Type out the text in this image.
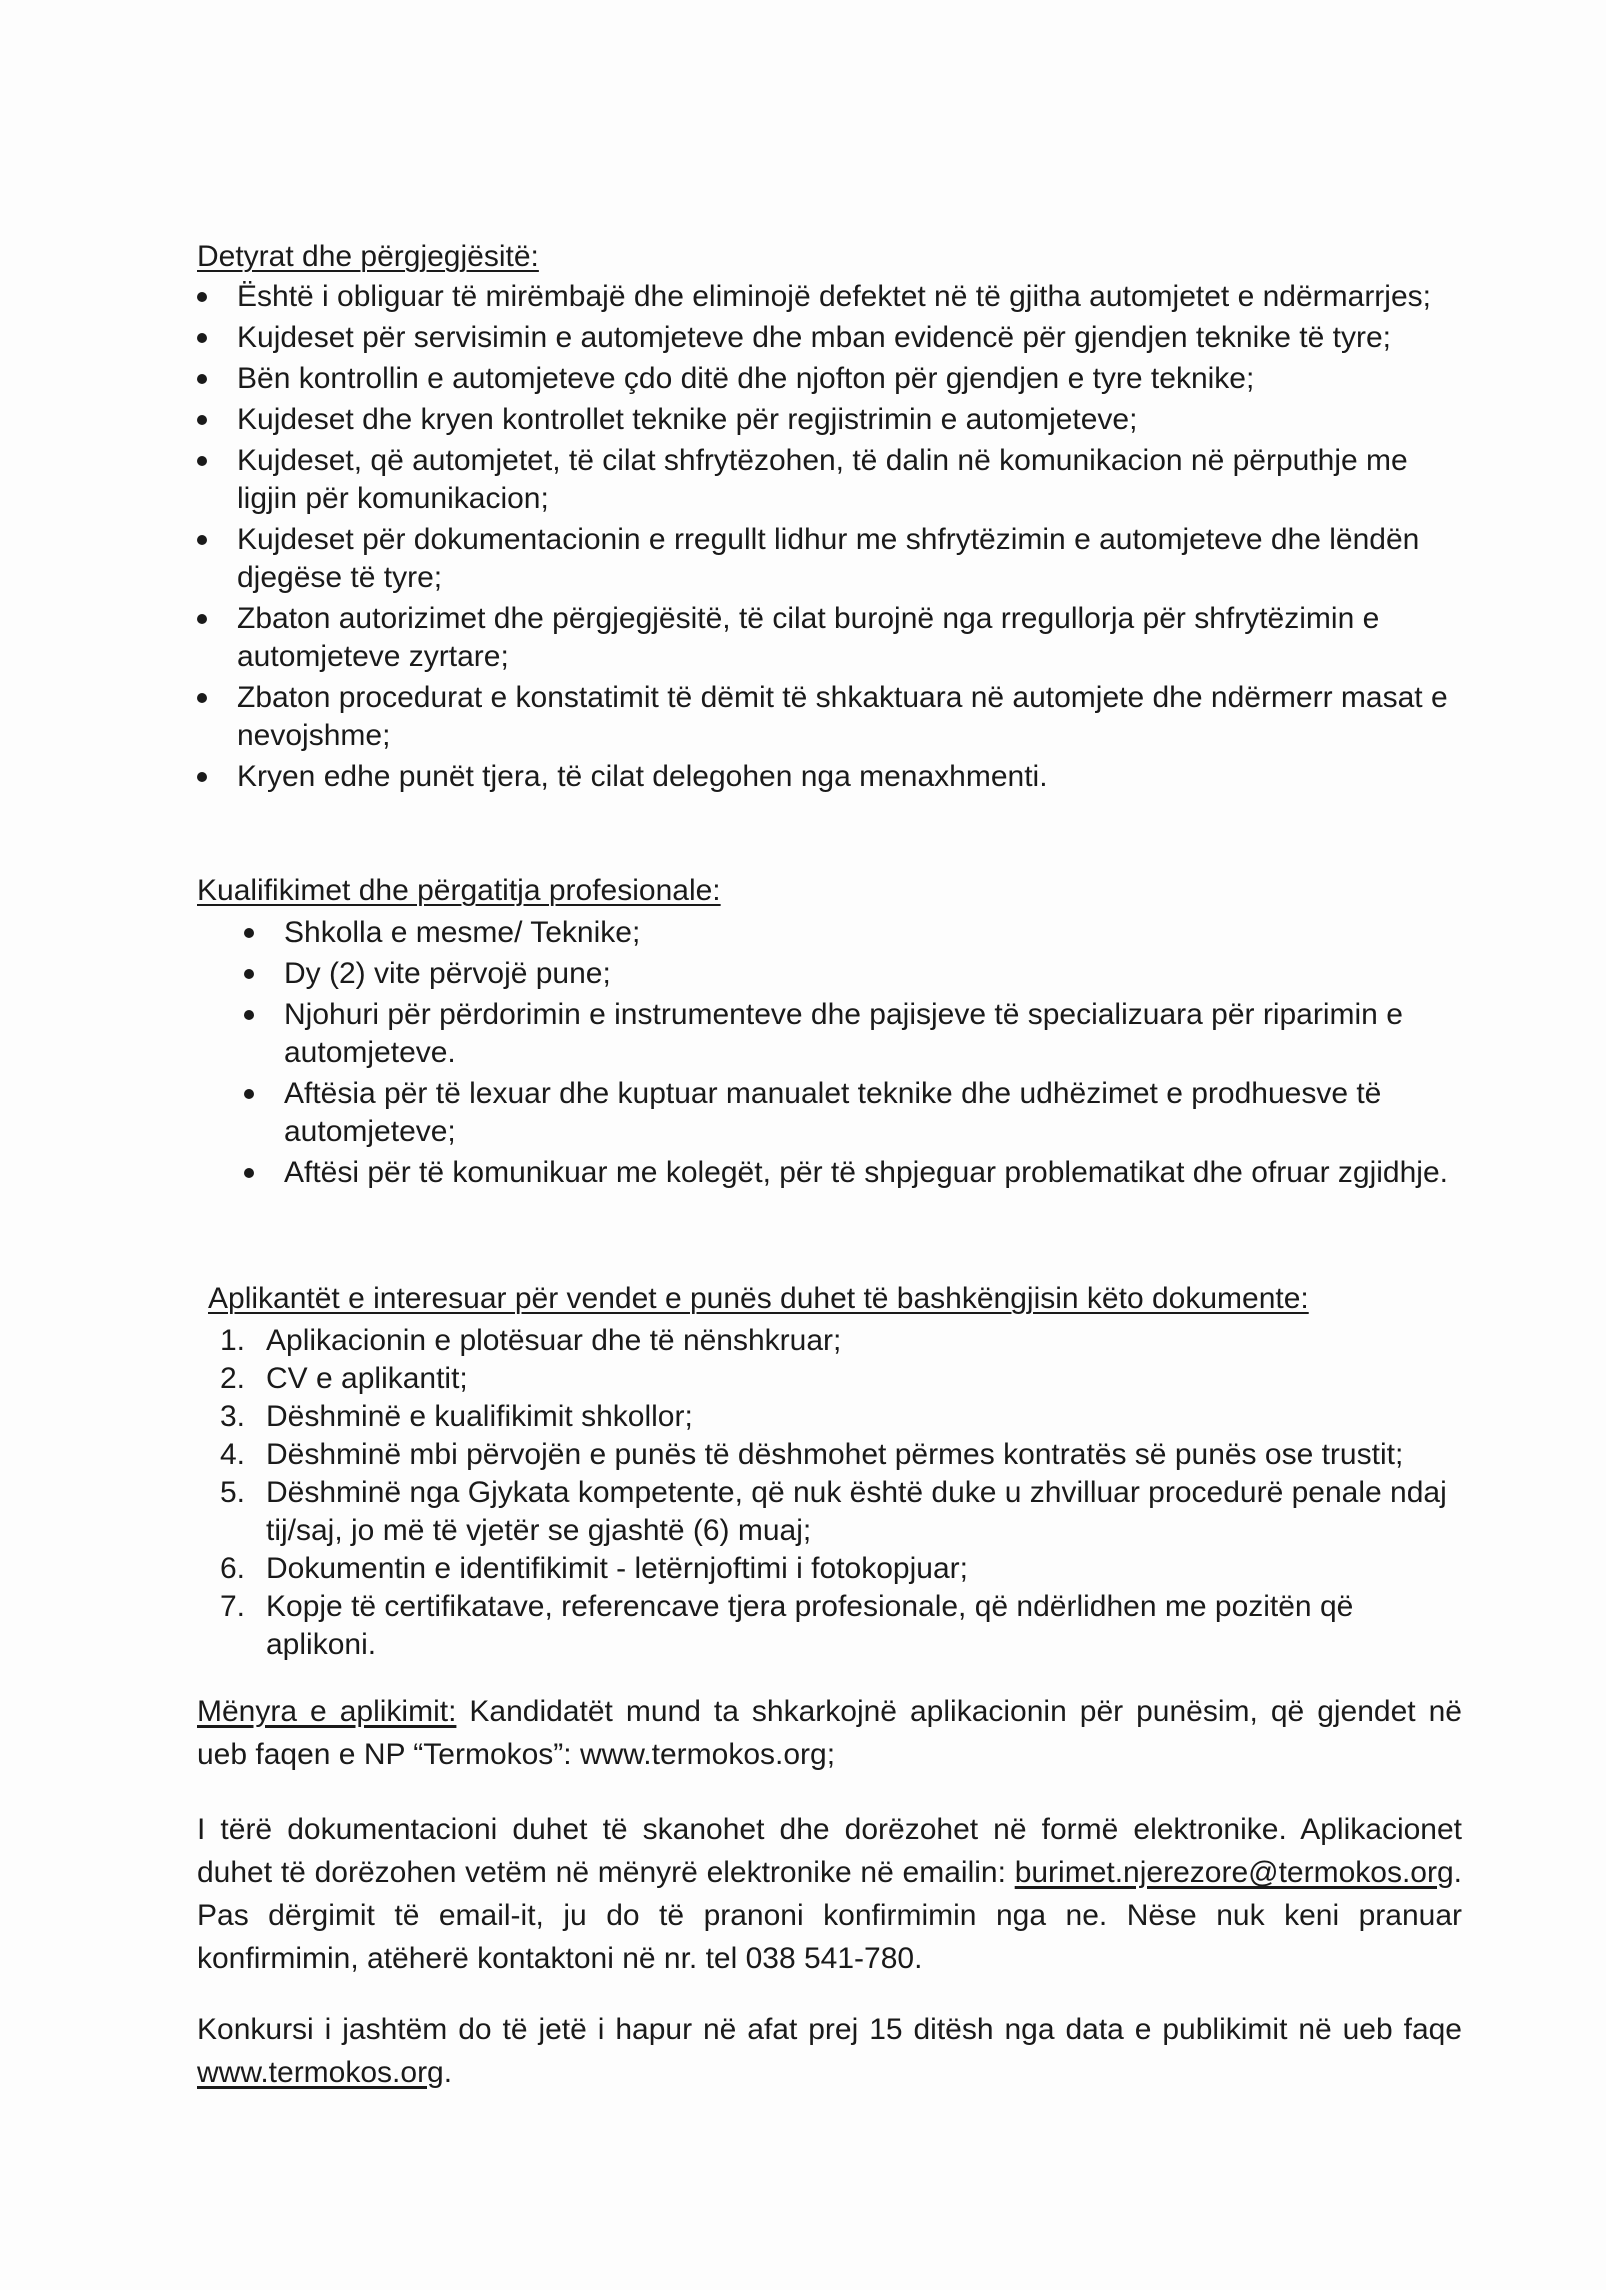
Detyrat dhe përgjegjësitë:
Është i obliguar të mirëmbajë dhe eliminojë defektet në të gjitha automjetet e ndërmarrjes;
Kujdeset për servisimin e automjeteve dhe mban evidencë për gjendjen teknike të tyre;
Bën kontrollin e automjeteve çdo ditë dhe njofton për gjendjen e tyre teknike;
Kujdeset dhe kryen kontrollet teknike për regjistrimin e automjeteve;
Kujdeset, që automjetet, të cilat shfrytëzohen, të dalin në komunikacion në përputhje me ligjin për komunikacion;
Kujdeset për dokumentacionin e rregullt lidhur me shfrytëzimin e automjeteve dhe lëndën djegëse të tyre;
Zbaton autorizimet dhe përgjegjësitë, të cilat burojnë nga rregullorja për shfrytëzimin e automjeteve zyrtare;
Zbaton procedurat e konstatimit të dëmit të shkaktuara në automjete dhe ndërmerr masat e nevojshme;
Kryen edhe punët tjera, të cilat delegohen nga menaxhmenti.
Kualifikimet dhe përgatitja profesionale:
Shkolla e mesme/ Teknike;
Dy (2) vite përvojë pune;
Njohuri për përdorimin e instrumenteve dhe pajisjeve të specializuara për riparimin e automjeteve.
Aftësia për të lexuar dhe kuptuar manualet teknike dhe udhëzimet e prodhuesve të automjeteve;
Aftësi për të komunikuar me kolegët, për të shpjeguar problematikat dhe ofruar zgjidhje.
Aplikantët e interesuar për vendet e punës duhet të bashkëngjisin këto dokumente:
1. Aplikacionin e plotësuar dhe të nënshkruar;
2. CV e aplikantit;
3. Dëshminë e kualifikimit shkollor;
4. Dëshminë mbi përvojën e punës të dëshmohet përmes kontratës së punës ose trustit;
5. Dëshminë nga Gjykata kompetente, që nuk është duke u zhvilluar procedurë penale ndaj tij/saj, jo më të vjetër se gjashtë (6) muaj;
6. Dokumentin e identifikimit - letërnjoftimi i fotokopjuar;
7. Kopje të certifikatave, referencave tjera profesionale, që ndërlidhen me pozitën që aplikoni.

Mënyra e aplikimit: Kandidatët mund ta shkarkojnë aplikacionin për punësim, që gjendet në ueb faqen e NP “Termokos”: www.termokos.org;

I tërë dokumentacioni duhet të skanohet dhe dorëzohet në formë elektronike. Aplikacionet duhet të dorëzohen vetëm në mënyrë elektronike në emailin: burimet.njerezore@termokos.org. Pas dërgimit të email-it, ju do të pranoni konfirmimin nga ne. Nëse nuk keni pranuar konfirmimin, atëherë kontaktoni në nr. tel 038 541-780.

Konkursi i jashtëm do të jetë i hapur në afat prej 15 ditësh nga data e publikimit në ueb faqe www.termokos.org.
